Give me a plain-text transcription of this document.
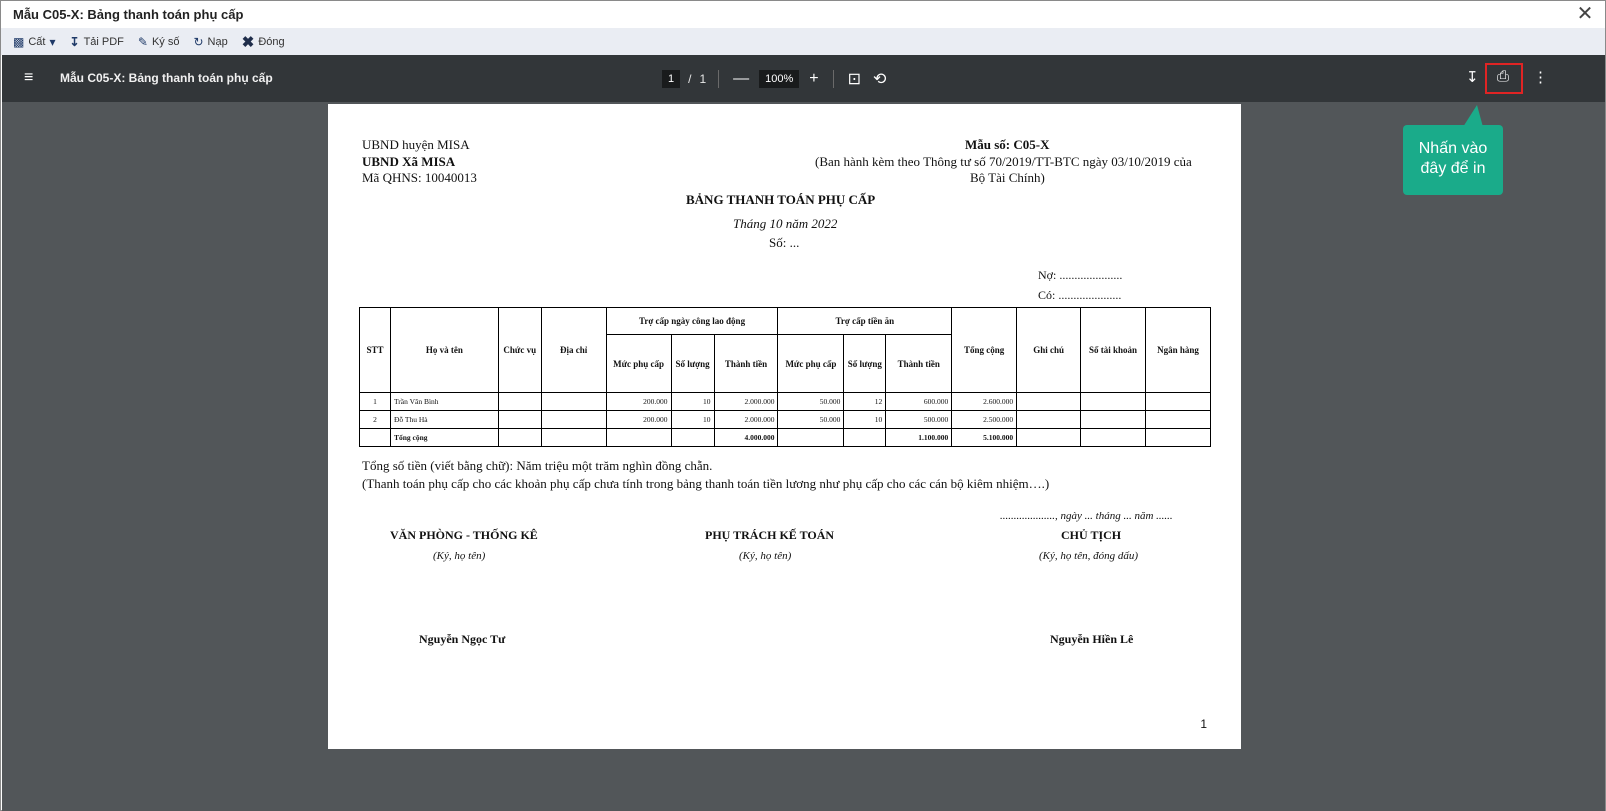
Mẫu C05-X: Bảng thanh toán phụ cấp	✕
▩ Cất ▾ ↧ Tải PDF ✎ Ký số ↻ Nạp ✖ Đóng
≡ Mẫu C05-X: Bảng thanh toán phụ cấp	1	/ 1 —	100%	+ ⊡ ⟲	↧ ⎙ ⋮
Nhấn vào
đây để in
UBND huyện MISA
UBND Xã MISA
Mã QHNS: 10040013
Mẫu số: C05-X
(Ban hành kèm theo Thông tư số 70/2019/TT-BTC ngày 03/10/2019 của
Bộ Tài Chính)
BẢNG THANH TOÁN PHỤ CẤP
Tháng 10 năm 2022
Số: ...
Nợ: .....................
Có: .....................
STT	Họ và tên	Chức vụ	Địa chỉ	Trợ cấp ngày công lao động			Trợ cấp tiền ăn			Tổng cộng	Ghi chú	Số tài khoản	Ngân hàng
				Mức phụ cấp	Số lượng	Thành tiền	Mức phụ cấp	Số lượng	Thành tiền				
1	Trần Văn Bình			200.000	10	2.000.000	50.000	12	600.000	2.600.000			
2	Đỗ Thu Hà			200.000	10	2.000.000	50.000	10	500.000	2.500.000			
	Tổng cộng					4.000.000			1.100.000	5.100.000			
Tổng số tiền (viết bằng chữ): Năm triệu một trăm nghìn đồng chẵn.
(Thanh toán phụ cấp cho các khoản phụ cấp chưa tính trong bảng thanh toán tiền lương như phụ cấp cho các cán bộ kiêm nhiệm….)
...................., ngày ... tháng ... năm ......
VĂN PHÒNG - THỐNG KÊ
(Ký, họ tên)
Nguyễn Ngọc Tư
PHỤ TRÁCH KẾ TOÁN
(Ký, họ tên)
CHỦ TỊCH
(Ký, họ tên, đóng dấu)
Nguyễn Hiền Lê
1
